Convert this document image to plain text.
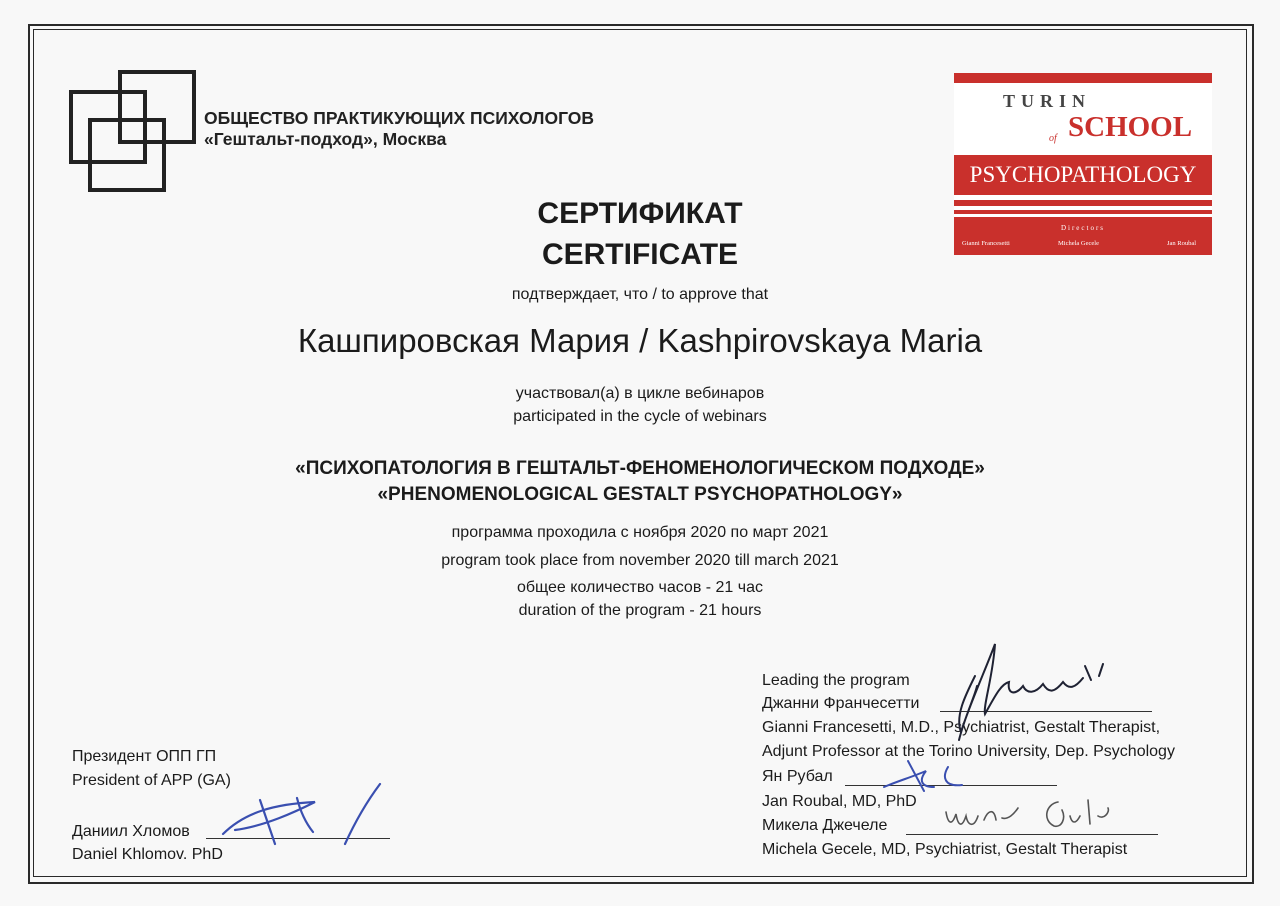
ОБЩЕСТВО ПРАКТИКУЮЩИХ ПСИХОЛОГОВ
«Гештальт-подход», Москва
TURIN
of SCHOOL
PSYCHOPATHOLOGY
Directors
Gianni Francesetti	Michela Gecele	Jan Roubal
СЕРТИФИКАТ
CERTIFICATE
подтверждает, что / to approve that
Кашпировская Мария / Kashpirovskaya Maria
участвовал(а) в цикле вебинаров
participated in the cycle of webinars
«ПСИХОПАТОЛОГИЯ В ГЕШТАЛЬТ-ФЕНОМЕНОЛОГИЧЕСКОМ ПОДХОДЕ»
«PHENOMENOLOGICAL GESTALT PSYCHOPATHOLOGY»
программа проходила с ноября 2020 по март 2021
program took place from november 2020 till march 2021
общее количество часов - 21 час
duration of the program - 21 hours
Президент ОПП ГП
President of APP (GA)
Даниил Хломов
Daniel Khlomov. PhD
Leading the program
Джанни Франчесетти
Gianni Francesetti, M.D., Psychiatrist, Gestalt Therapist,
Adjunt Professor at the Torino University, Dep. Psychology
Ян Рубал
Jan Roubal, MD, PhD
Микела Джечеле
Michela Gecele, MD, Psychiatrist, Gestalt Therapist
